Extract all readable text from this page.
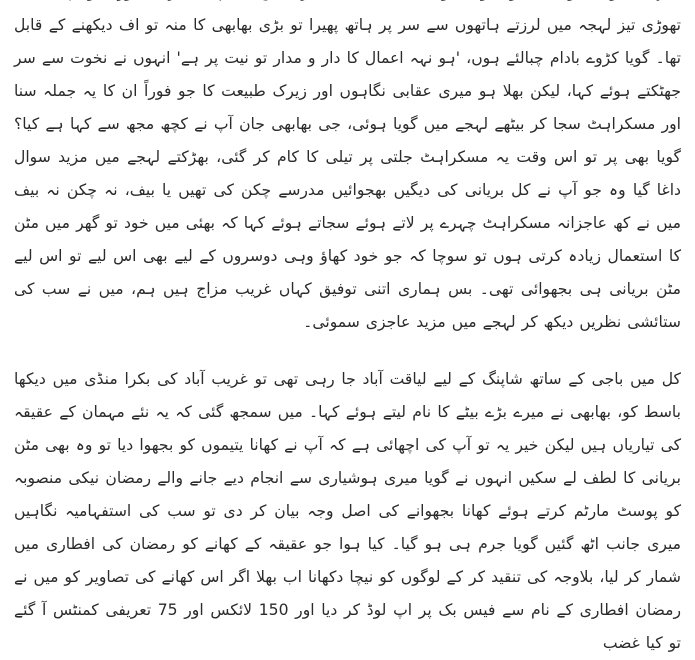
تھوڑی تیز لہجہ میں لرزتے ہاتھوں سے سر پر ہاتھ پھیرا تو بڑی بھابھی کا منہ تو اف دیکھنے کے قابل تھا۔ گویا کڑوے بادام چبالئے ہوں، 'ہو نہہ اعمال کا دار و مدار تو نیت پر ہے' انہوں نے نخوت سے سر جھٹکتے ہوئے کہا، لیکن بھلا ہو میری عقابی نگاہوں اور زیرک طبیعت کا جو فوراً ان کا یہ جملہ سنا اور مسکراہٹ سجا کر بیٹھے لہجے میں گویا ہوئی، جی بھابھی جان آپ نے کچھ مجھ سے کہا ہے کیا؟ گویا بھی پر تو اس وقت یہ مسکراہٹ جلتی پر تیلی کا کام کر گئی، بھڑکتے لہجے میں مزید سوال داغا گیا وہ جو آپ نے کل بریانی کی دیگیں بھجوائیں مدرسے چکن کی تھیں یا بیف، نہ چکن نہ بیف میں نے کھ عاجزانہ مسکراہٹ چہرے پر لاتے ہوئے سجاتے ہوئے کہا کہ بھئی میں خود تو گھر میں مٹن کا استعمال زیادہ کرتی ہوں تو سوچا کہ جو خود کھاؤ وہی دوسروں کے لیے بھی اس لیے تو اس لیے مٹن بریانی ہی بجھوائی تھی۔ بس ہماری اتنی توفیق کہاں غریب مزاج ہیں ہم، میں نے سب کی ستائشی نظریں دیکھ کر لہجے میں مزید عاجزی سموئی۔

کل میں باجی کے ساتھ شاپنگ کے لیے لیاقت آباد جا رہی تھی تو غریب آباد کی بکرا منڈی میں دیکھا باسط کو، بھابھی نے میرے بڑے بیٹے کا نام لیتے ہوئے کہا۔ میں سمجھ گئی کہ یہ نئے مہمان کے عقیقہ کی تیاریاں ہیں لیکن خیر یہ تو آپ کی اچھائی ہے کہ آپ نے کھانا یتیموں کو بجھوا دیا تو وہ بھی مٹن بریانی کا لطف لے سکیں انہوں نے گویا میری ہوشیاری سے انجام دیے جانے والے رمضان نیکی منصوبہ کو پوسٹ مارٹم کرتے ہوئے کھانا بجھوانے کی اصل وجہ بیان کر دی تو سب کی استفہامیہ نگاہیں میری جانب اٹھ گئیں گویا جرم ہی ہو گیا۔ کیا ہوا جو عقیقہ کے کھانے کو رمضان کی افطاری میں شمار کر لیا، بلاوجہ کی تنقید کر کے لوگوں کو نیچا دکھانا اب بھلا اگر اس کھانے کی تصاویر کو میں نے رمضان افطاری کے نام سے فیس بک پر اپ لوڈ کر دیا اور 150 لائکس اور 75 تعریفی کمنٹس آ گئے تو کیا غضب
